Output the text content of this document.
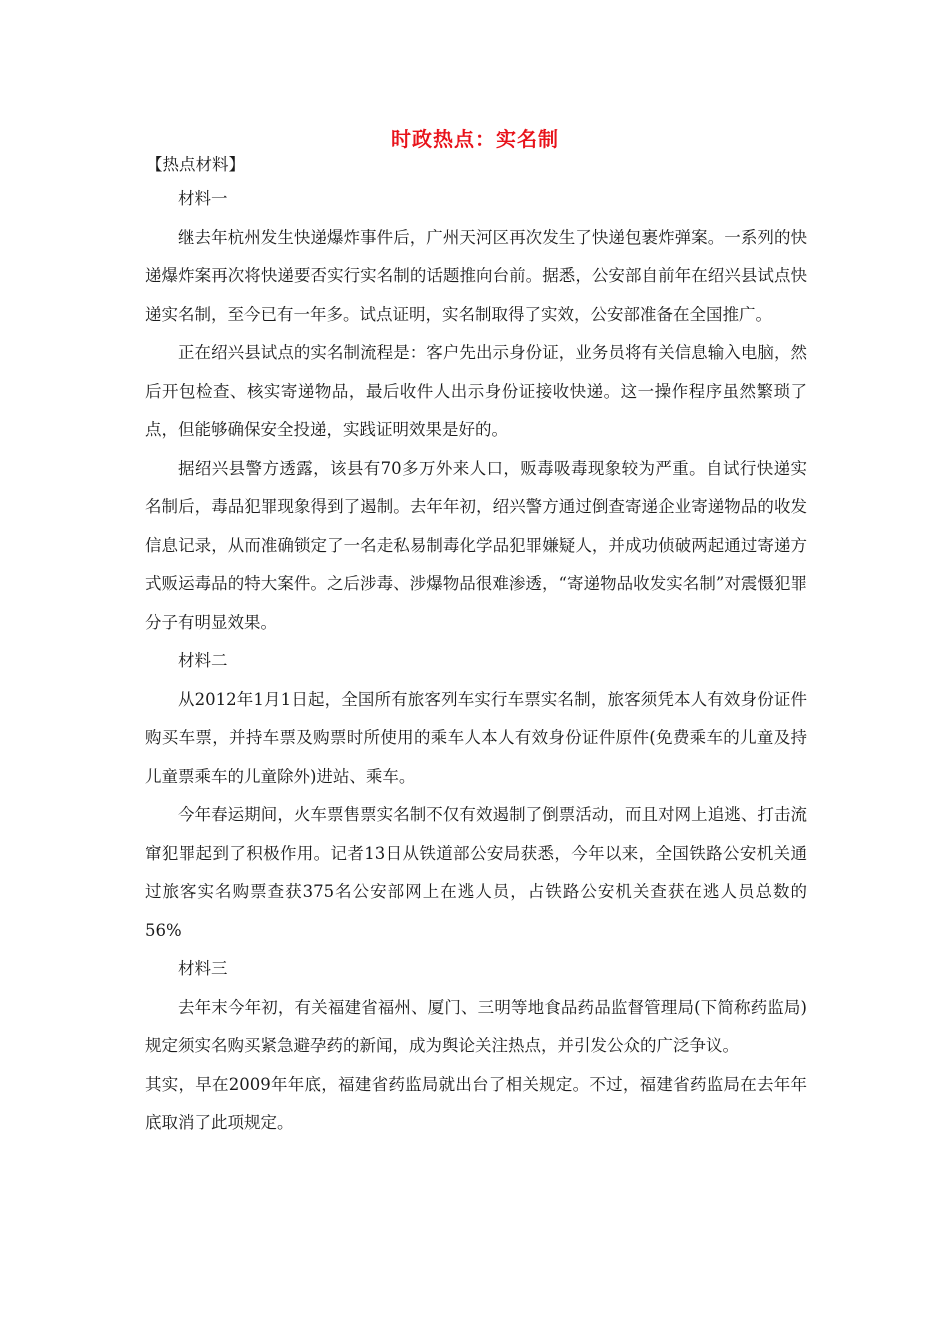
时政热点：实名制

【热点材料】

材料一

继去年杭州发生快递爆炸事件后，广州天河区再次发生了快递包裹炸弹案。一系列的快递爆炸案再次将快递要否实行实名制的话题推向台前。据悉，公安部自前年在绍兴县试点快递实名制，至今已有一年多。试点证明，实名制取得了实效，公安部准备在全国推广。

正在绍兴县试点的实名制流程是：客户先出示身份证，业务员将有关信息输入电脑，然后开包检查、核实寄递物品，最后收件人出示身份证接收快递。这一操作程序虽然繁琐了点，但能够确保安全投递，实践证明效果是好的。

据绍兴县警方透露，该县有70多万外来人口，贩毒吸毒现象较为严重。自试行快递实名制后，毒品犯罪现象得到了遏制。去年年初，绍兴警方通过倒查寄递企业寄递物品的收发信息记录，从而准确锁定了一名走私易制毒化学品犯罪嫌疑人，并成功侦破两起通过寄递方式贩运毒品的特大案件。之后涉毒、涉爆物品很难渗透，“寄递物品收发实名制”对震慑犯罪分子有明显效果。

材料二

从2012年1月1日起，全国所有旅客列车实行车票实名制，旅客须凭本人有效身份证件购买车票，并持车票及购票时所使用的乘车人本人有效身份证件原件(免费乘车的儿童及持儿童票乘车的儿童除外)进站、乘车。

今年春运期间，火车票售票实名制不仅有效遏制了倒票活动，而且对网上追逃、打击流窜犯罪起到了积极作用。记者13日从铁道部公安局获悉，今年以来，全国铁路公安机关通过旅客实名购票查获375名公安部网上在逃人员，占铁路公安机关查获在逃人员总数的56%

材料三

去年末今年初，有关福建省福州、厦门、三明等地食品药品监督管理局(下简称药监局)规定须实名购买紧急避孕药的新闻，成为舆论关注热点，并引发公众的广泛争议。

其实，早在2009年年底，福建省药监局就出台了相关规定。不过，福建省药监局在去年年底取消了此项规定。
